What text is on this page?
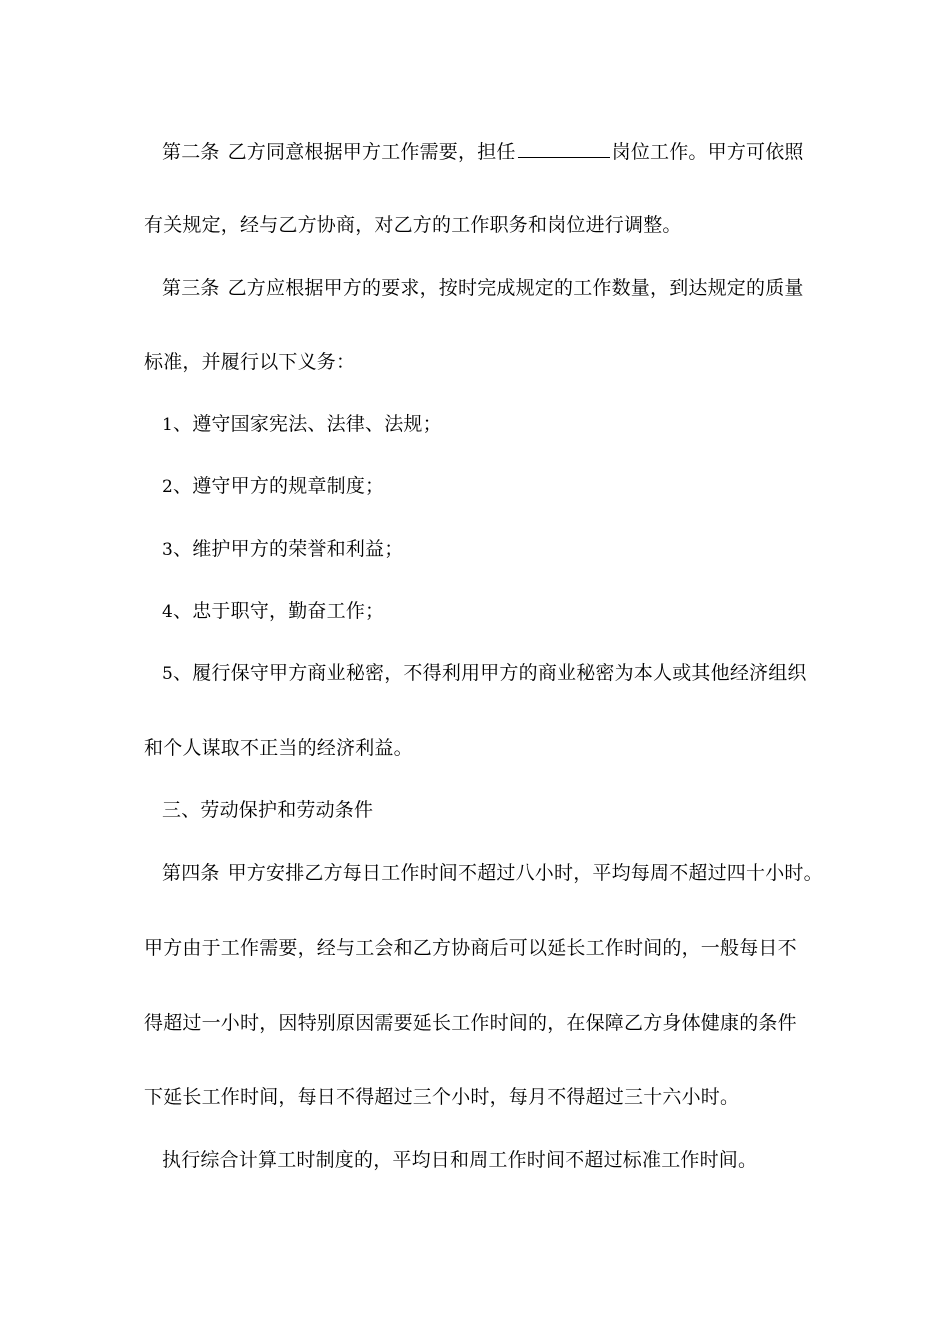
第二条 乙方同意根据甲方工作需要，担任	岗位工作。甲方可依照
有关规定，经与乙方协商，对乙方的工作职务和岗位进行调整。
第三条 乙方应根据甲方的要求，按时完成规定的工作数量，到达规定的质量
标准，并履行以下义务：
1、遵守国家宪法、法律、法规；
2、遵守甲方的规章制度；
3、维护甲方的荣誉和利益；
4、忠于职守，勤奋工作；
5、履行保守甲方商业秘密，不得利用甲方的商业秘密为本人或其他经济组织
和个人谋取不正当的经济利益。
三、劳动保护和劳动条件
第四条 甲方安排乙方每日工作时间不超过八小时，平均每周不超过四十小时。
甲方由于工作需要，经与工会和乙方协商后可以延长工作时间的，一般每日不
得超过一小时，因特别原因需要延长工作时间的，在保障乙方身体健康的条件
下延长工作时间，每日不得超过三个小时，每月不得超过三十六小时。
执行综合计算工时制度的，平均日和周工作时间不超过标准工作时间。
